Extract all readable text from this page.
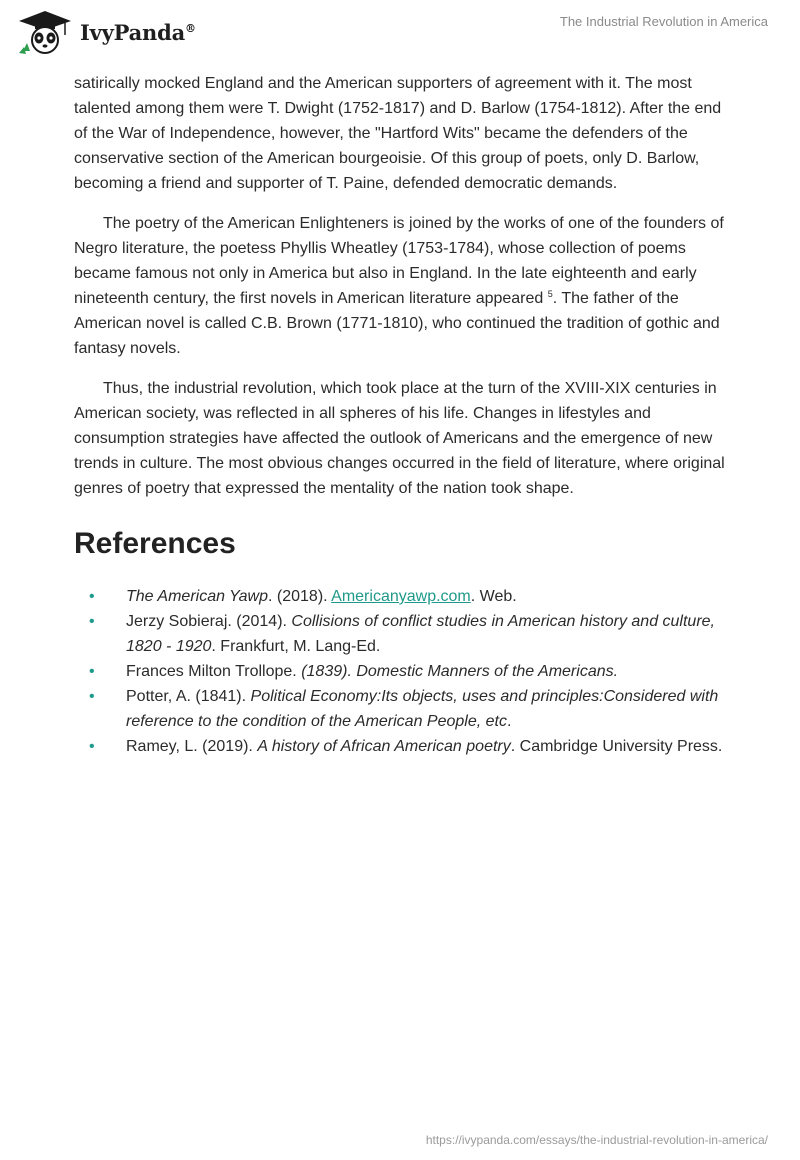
IvyPanda®	The Industrial Revolution in America

satirically mocked England and the American supporters of agreement with it. The most talented among them were T. Dwight (1752-1817) and D. Barlow (1754-1812). After the end of the War of Independence, however, the "Hartford Wits" became the defenders of the conservative section of the American bourgeoisie. Of this group of poets, only D. Barlow, becoming a friend and supporter of T. Paine, defended democratic demands.

The poetry of the American Enlighteners is joined by the works of one of the founders of Negro literature, the poetess Phyllis Wheatley (1753-1784), whose collection of poems became famous not only in America but also in England. In the late eighteenth and early nineteenth century, the first novels in American literature appeared $^5$. The father of the American novel is called C.B. Brown (1771-1810), who continued the tradition of gothic and fantasy novels.

Thus, the industrial revolution, which took place at the turn of the XVIII-XIX centuries in American society, was reflected in all spheres of his life. Changes in lifestyles and consumption strategies have affected the outlook of Americans and the emergence of new trends in culture. The most obvious changes occurred in the field of literature, where original genres of poetry that expressed the mentality of the nation took shape.

References
• The American Yawp. (2018). Americanyawp.com. Web.
• Jerzy Sobieraj. (2014). Collisions of conflict studies in American history and culture, 1820 - 1920. Frankfurt, M. Lang-Ed.
• Frances Milton Trollope. (1839). Domestic Manners of the Americans.
• Potter, A. (1841). Political Economy:Its objects, uses and principles:Considered with reference to the condition of the American People, etc.
• Ramey, L. (2019). A history of African American poetry. Cambridge University Press.
https://ivypanda.com/essays/the-industrial-revolution-in-america/
